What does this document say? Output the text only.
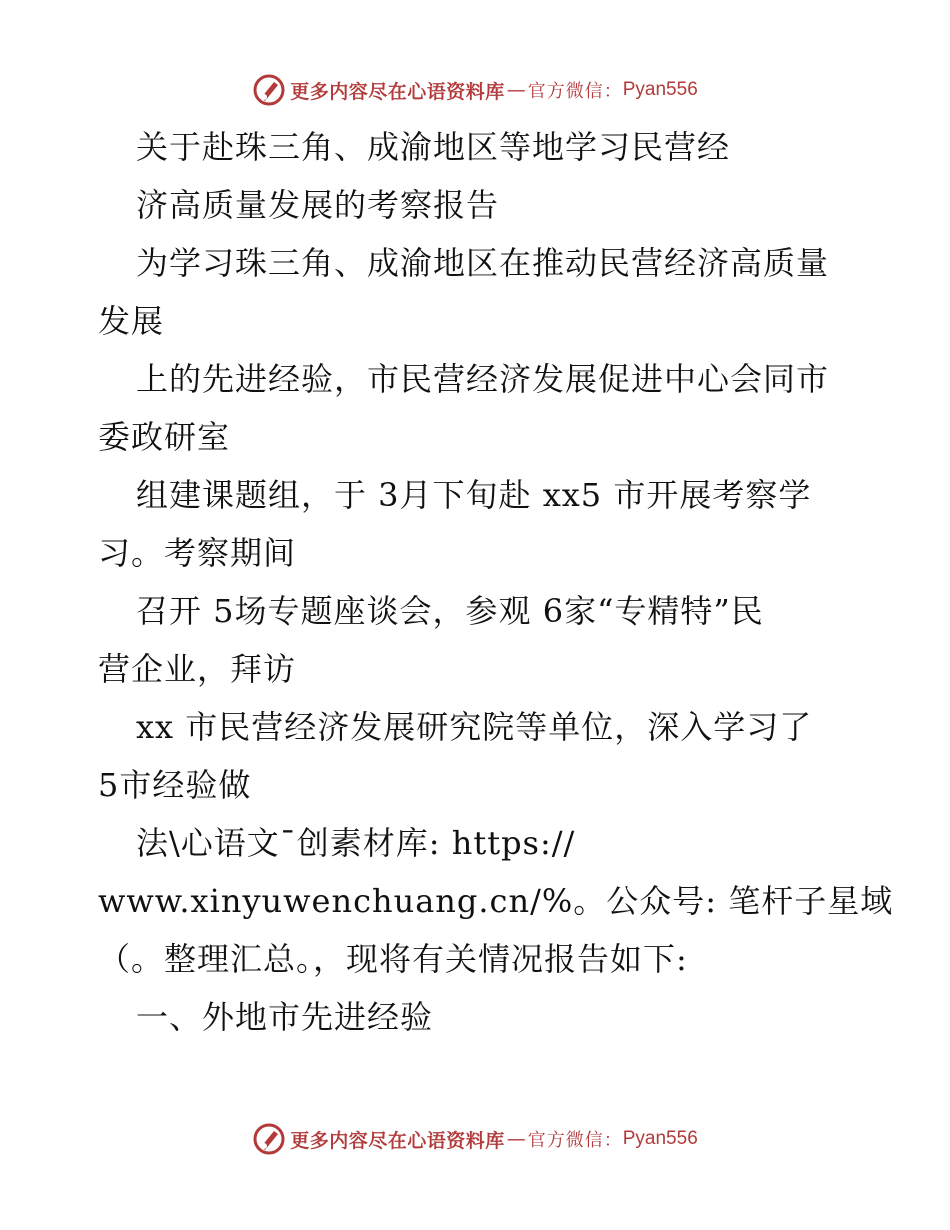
更多内容尽在心语资料库 — 官方微信： Pyan556
关于赴珠三角、成渝地区等地学习民营经
济高质量发展的考察报告
为学习珠三角、成渝地区在推动民营经济高质量
发展
上的先进经验，市民营经济发展促进中心会同市
委政研室
组建课题组，于 3月下旬赴 xx5 市开展考察学
习。考察期间
召开 5场专题座谈会，参观 6家“专精特”民
营企业，拜访
xx 市民营经济发展研究院等单位，深入学习了
5市经验做
法\心语文¯创素材库: https://
www.xinyuwenchuang.cn/%。公众号: 笔杆子星域
（。整理汇总。，现将有关情况报告如下:
一、外地市先进经验
更多内容尽在心语资料库 — 官方微信： Pyan556
